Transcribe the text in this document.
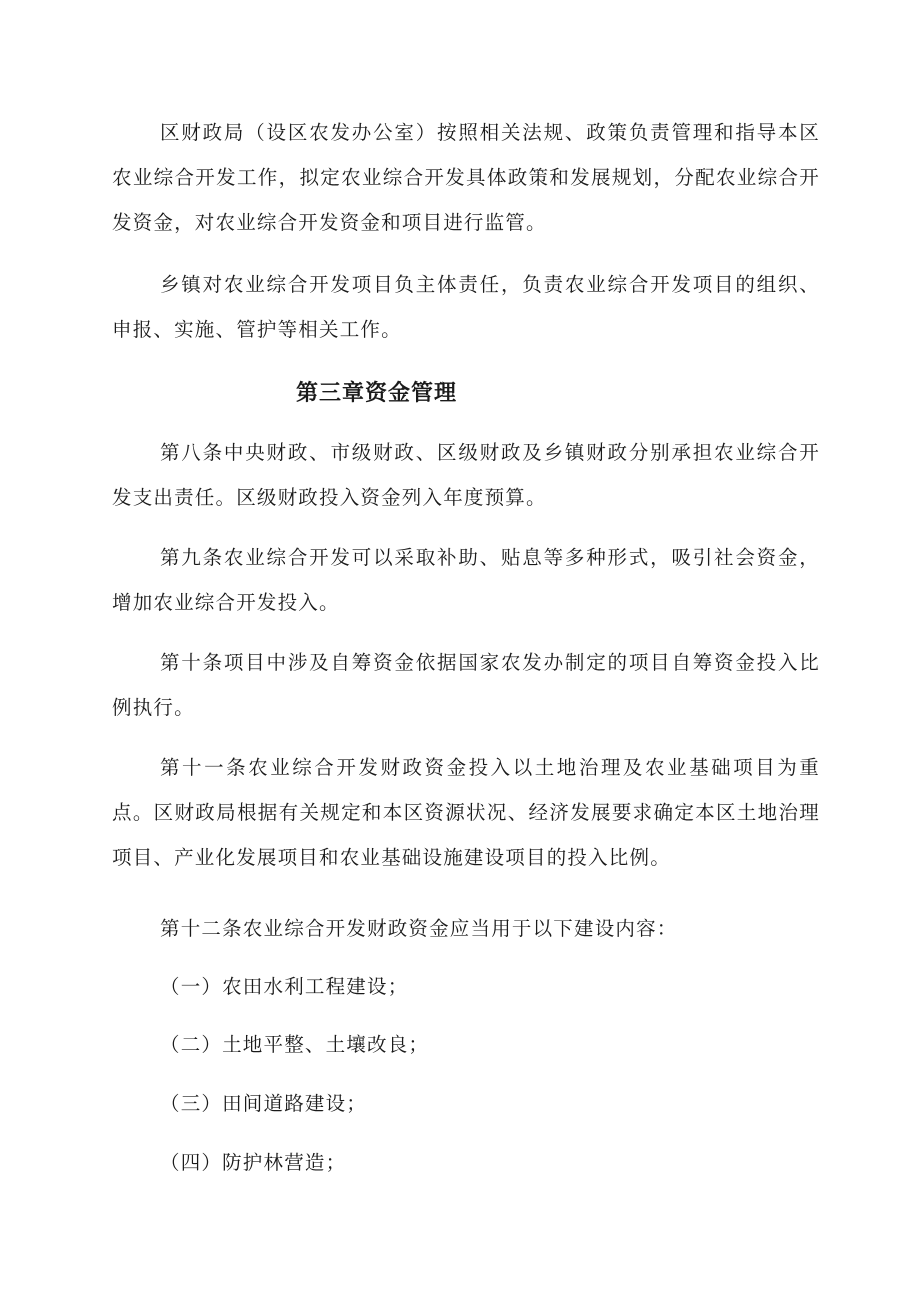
区财政局（设区农发办公室）按照相关法规、政策负责管理和指导本区农业综合开发工作，拟定农业综合开发具体政策和发展规划，分配农业综合开发资金，对农业综合开发资金和项目进行监管。

乡镇对农业综合开发项目负主体责任，负责农业综合开发项目的组织、申报、实施、管护等相关工作。

第三章资金管理

第八条中央财政、市级财政、区级财政及乡镇财政分别承担农业综合开发支出责任。区级财政投入资金列入年度预算。

第九条农业综合开发可以采取补助、贴息等多种形式，吸引社会资金，增加农业综合开发投入。

第十条项目中涉及自筹资金依据国家农发办制定的项目自筹资金投入比例执行。

第十一条农业综合开发财政资金投入以土地治理及农业基础项目为重点。区财政局根据有关规定和本区资源状况、经济发展要求确定本区土地治理项目、产业化发展项目和农业基础设施建设项目的投入比例。

第十二条农业综合开发财政资金应当用于以下建设内容：

（一）农田水利工程建设；

（二）土地平整、土壤改良；

（三）田间道路建设；

（四）防护林营造；
